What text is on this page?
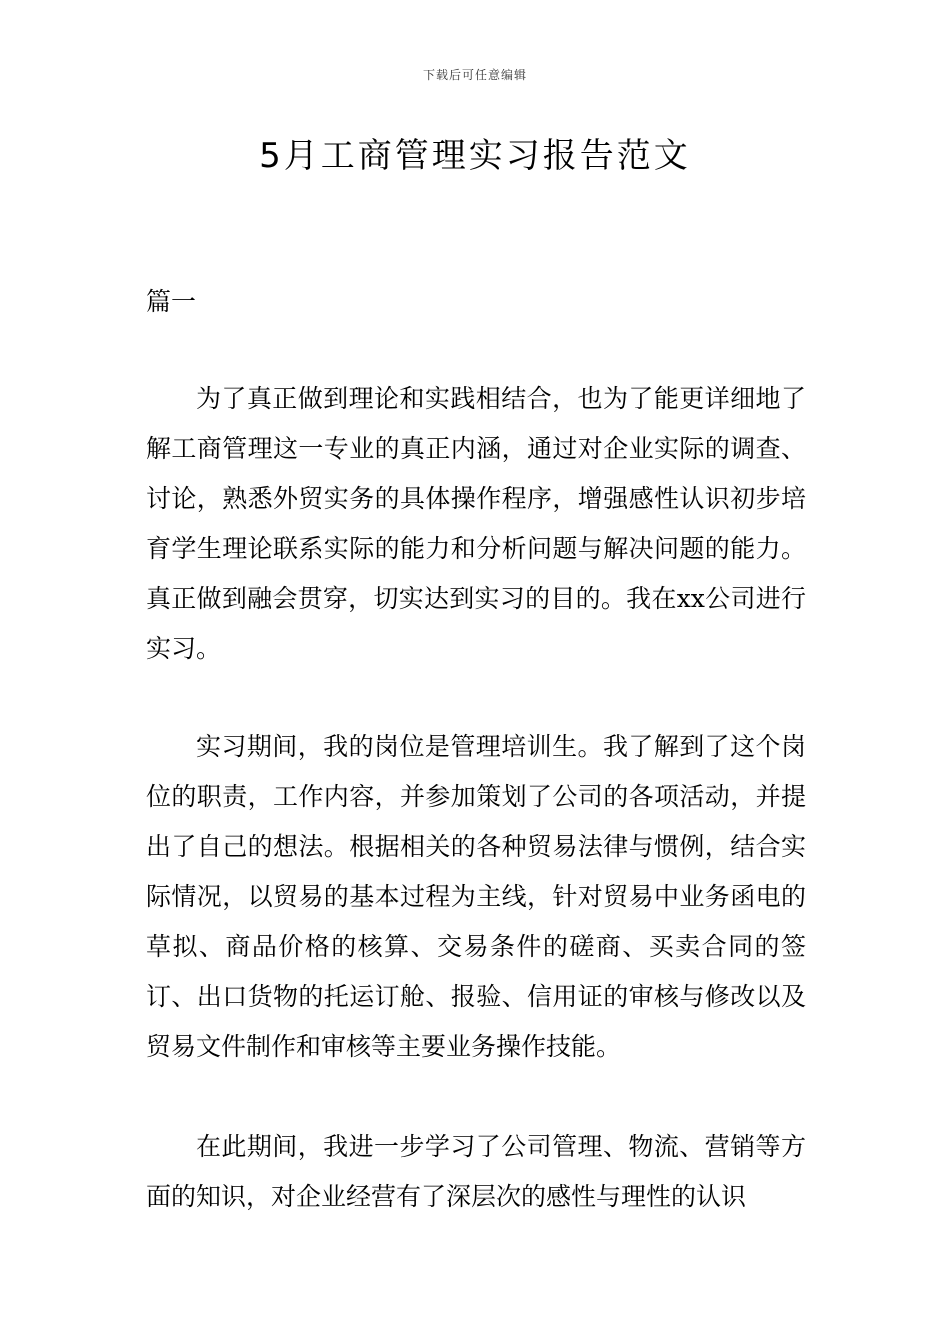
下载后可任意编辑
5月工商管理实习报告范文
篇一

为了真正做到理论和实践相结合，也为了能更详细地了解工商管理这一专业的真正内涵，通过对企业实际的调查、讨论，熟悉外贸实务的具体操作程序，增强感性认识初步培育学生理论联系实际的能力和分析问题与解决问题的能力。真正做到融会贯穿，切实达到实习的目的。我在xx公司进行实习。

实习期间，我的岗位是管理培训生。我了解到了这个岗位的职责，工作内容，并参加策划了公司的各项活动，并提出了自己的想法。根据相关的各种贸易法律与惯例，结合实际情况，以贸易的基本过程为主线，针对贸易中业务函电的草拟、商品价格的核算、交易条件的磋商、买卖合同的签订、出口货物的托运订舱、报验、信用证的审核与修改以及贸易文件制作和审核等主要业务操作技能。

在此期间，我进一步学习了公司管理、物流、营销等方面的知识，对企业经营有了深层次的感性与理性的认识
